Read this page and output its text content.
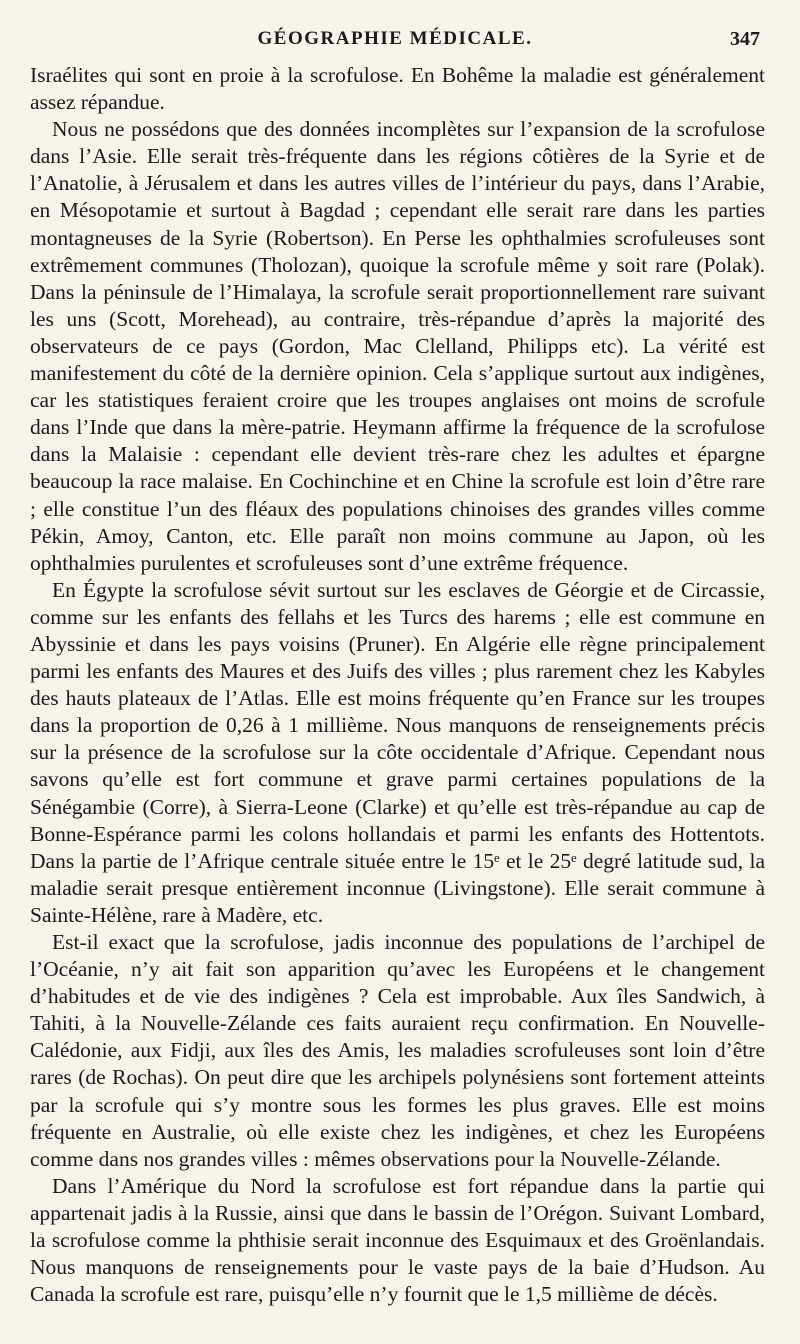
GÉOGRAPHIE MÉDICALE.	347

Israélites qui sont en proie à la scrofulose. En Bohême la maladie est généralement assez répandue.

Nous ne possédons que des données incomplètes sur l’expansion de la scrofulose dans l’Asie. Elle serait très-fréquente dans les régions côtières de la Syrie et de l’Anatolie, à Jérusalem et dans les autres villes de l’intérieur du pays, dans l’Arabie, en Mésopotamie et surtout à Bagdad ; cependant elle serait rare dans les parties montagneuses de la Syrie (Robertson). En Perse les ophthalmies scrofuleuses sont extrêmement communes (Tholozan), quoique la scrofule même y soit rare (Polak). Dans la péninsule de l’Himalaya, la scrofule serait proportionnellement rare suivant les uns (Scott, Morehead), au contraire, très-répandue d’après la majorité des observateurs de ce pays (Gordon, Mac Clelland, Philipps etc). La vérité est manifestement du côté de la dernière opinion. Cela s’applique surtout aux indigènes, car les statistiques feraient croire que les troupes anglaises ont moins de scrofule dans l’Inde que dans la mère-patrie. Heymann affirme la fréquence de la scrofulose dans la Malaisie : cependant elle devient très-rare chez les adultes et épargne beaucoup la race malaise. En Cochinchine et en Chine la scrofule est loin d’être rare ; elle constitue l’un des fléaux des populations chinoises des grandes villes comme Pékin, Amoy, Canton, etc. Elle paraît non moins commune au Japon, où les ophthalmies purulentes et scrofuleuses sont d’une extrême fréquence.

En Égypte la scrofulose sévit surtout sur les esclaves de Géorgie et de Circassie, comme sur les enfants des fellahs et les Turcs des harems ; elle est commune en Abyssinie et dans les pays voisins (Pruner). En Algérie elle règne principalement parmi les enfants des Maures et des Juifs des villes ; plus rarement chez les Kabyles des hauts plateaux de l’Atlas. Elle est moins fréquente qu’en France sur les troupes dans la proportion de 0,26 à 1 millième. Nous manquons de renseignements précis sur la présence de la scrofulose sur la côte occidentale d’Afrique. Cependant nous savons qu’elle est fort commune et grave parmi certaines populations de la Sénégambie (Corre), à Sierra-Leone (Clarke) et qu’elle est très-répandue au cap de Bonne-Espérance parmi les colons hollandais et parmi les enfants des Hottentots. Dans la partie de l’Afrique centrale située entre le 15ᵉ et le 25ᵉ degré latitude sud, la maladie serait presque entièrement inconnue (Livingstone). Elle serait commune à Sainte-Hélène, rare à Madère, etc.

Est-il exact que la scrofulose, jadis inconnue des populations de l’archipel de l’Océanie, n’y ait fait son apparition qu’avec les Européens et le changement d’habitudes et de vie des indigènes ? Cela est improbable. Aux îles Sandwich, à Tahiti, à la Nouvelle-Zélande ces faits auraient reçu confirmation. En Nouvelle-Calédonie, aux Fidji, aux îles des Amis, les maladies scrofuleuses sont loin d’être rares (de Rochas). On peut dire que les archipels polynésiens sont fortement atteints par la scrofule qui s’y montre sous les formes les plus graves. Elle est moins fréquente en Australie, où elle existe chez les indigènes, et chez les Européens comme dans nos grandes villes : mêmes observations pour la Nouvelle-Zélande.

Dans l’Amérique du Nord la scrofulose est fort répandue dans la partie qui appartenait jadis à la Russie, ainsi que dans le bassin de l’Orégon. Suivant Lombard, la scrofulose comme la phthisie serait inconnue des Esquimaux et des Groënlandais. Nous manquons de renseignements pour le vaste pays de la baie d’Hudson. Au Canada la scrofule est rare, puisqu’elle n’y fournit que le 1,5 millième de décès.
